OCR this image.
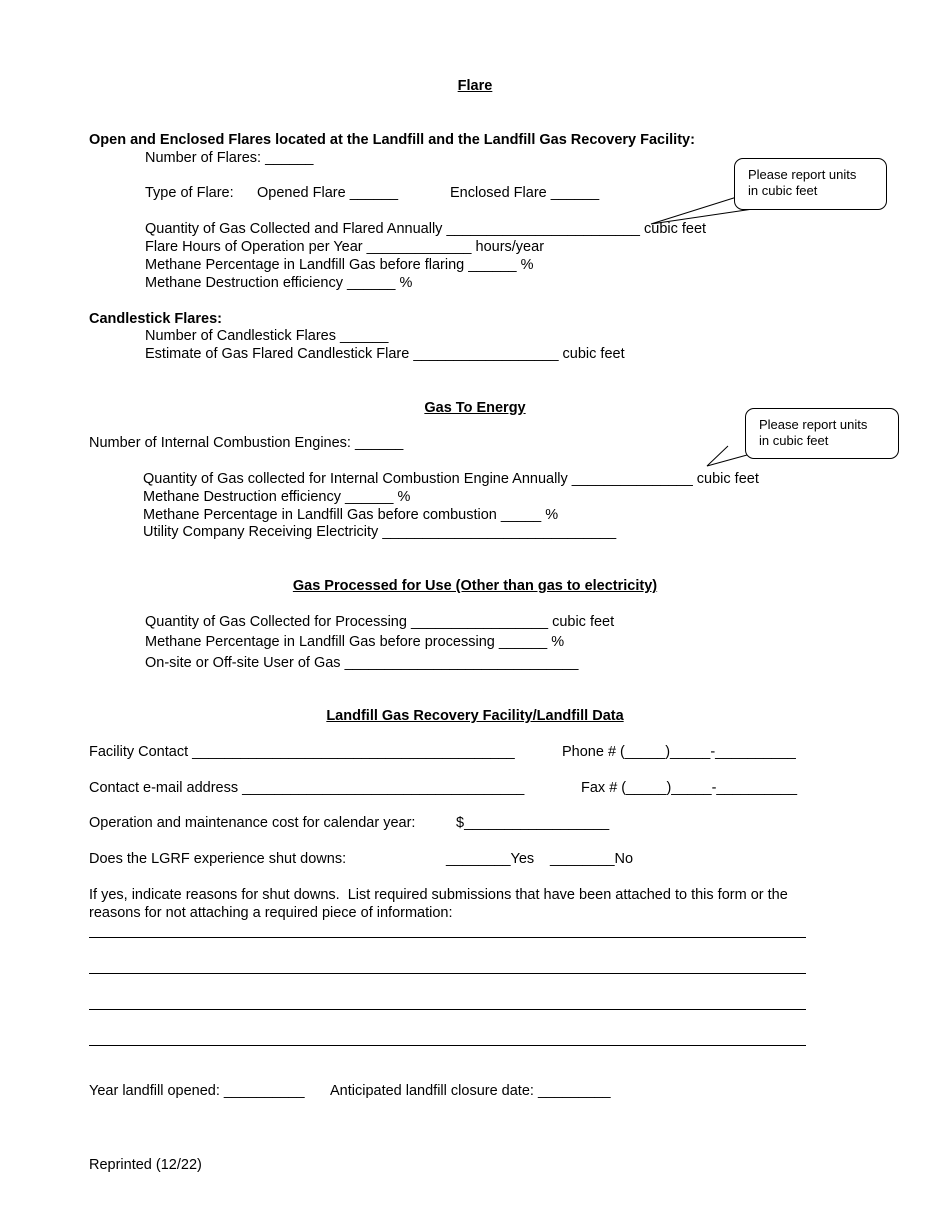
Flare
Open and Enclosed Flares located at the Landfill and the Landfill Gas Recovery Facility:
Number of Flares: ______
Type of Flare: Opened Flare ______	Enclosed Flare ______
Quantity of Gas Collected and Flared Annually ________________________ cubic feet
Flare Hours of Operation per Year _____________ hours/year
Methane Percentage in Landfill Gas before flaring ______ %
Methane Destruction efficiency ______ %
Please report units
in cubic feet
Candlestick Flares:
Number of Candlestick Flares ______
Estimate of Gas Flared Candlestick Flare __________________ cubic feet
Gas To Energy
Number of Internal Combustion Engines: ______
Please report units
in cubic feet
Quantity of Gas collected for Internal Combustion Engine Annually _______________ cubic feet
Methane Destruction efficiency ______ %
Methane Percentage in Landfill Gas before combustion _____ %
Utility Company Receiving Electricity _____________________________
Gas Processed for Use (Other than gas to electricity)
Quantity of Gas Collected for Processing _________________ cubic feet
Methane Percentage in Landfill Gas before processing ______ %
On-site or Off-site User of Gas _____________________________
Landfill Gas Recovery Facility/Landfill Data
Facility Contact ________________________________________	Phone # (_____)_____-__________
Contact e-mail address ___________________________________	Fax # (_____)_____-__________
Operation and maintenance cost for calendar year:	$__________________
Does the LGRF experience shut downs:	________Yes ________No
If yes, indicate reasons for shut downs.  List required submissions that have been attached to this form or the
reasons for not attaching a required piece of information:
Year landfill opened: __________ Anticipated landfill closure date: _________
Reprinted (12/22)
